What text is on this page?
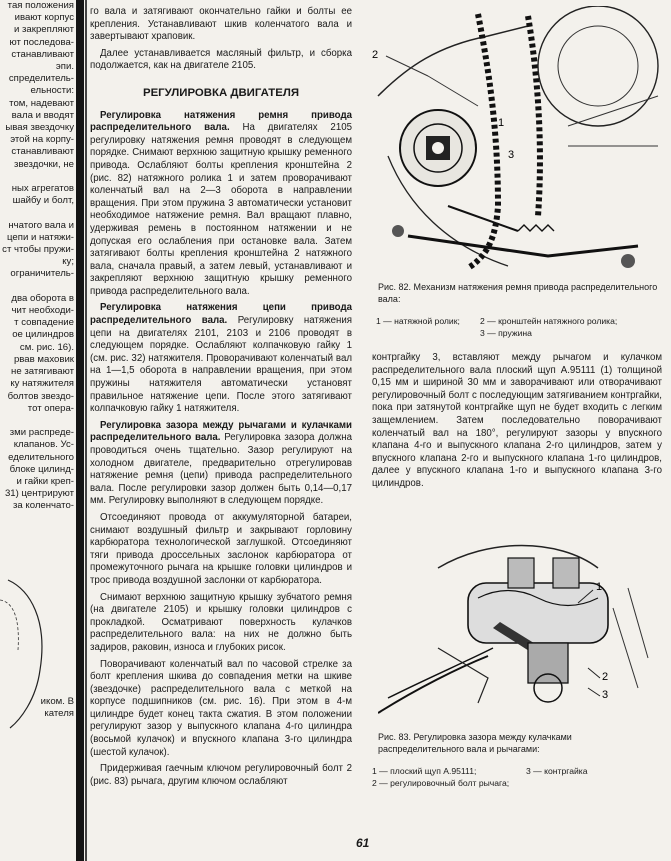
тая положения
ивают корпус
и закрепляют
ют последова-
станавливают
эпи.
спределитель-
ельности:
том, надевают
вала и вводят
ывая звездочку
этой на корпу-
станавливают
звездочки, не

ных агрегатов
шайбу и болт,

нчатого вала и
цепи и натяжи-
ст чтобы пружи-
ку;
ограничитель-

два оборота в
чит необходи-
т совпадение
ое цилиндров
см. рис. 16).
рвав маховик
не затягивают
ку натяжителя
болтов звездо-
тот опера-

зми распреде-
клапанов. Ус-
еделительного
блоке цилинд-
и гайки креп-
31) центрируют
за коленчато-

иком. В
кателя

го вала и затягивают окончательно гайки и болты ее крепления. Устанавливают шкив коленчатого вала и завертывают храповик.

Далее устанавливается масляный фильтр, и сборка подолжается, как на двигателе 2105.

РЕГУЛИРОВКА ДВИГАТЕЛЯ

Регулировка натяжения ремня привода распределительного вала. На двигателях 2105 регулировку натяжения ремня проводят в следующем порядке. Снимают верхнюю защитную крышку ременного привода. Ослабляют болты крепления кронштейна 2 (рис. 82) натяжного ролика 1 и затем проворачивают коленчатый вал на 2—3 оборота в направлении вращения. При этом пружина 3 автоматически установит необходимое натяжение ремня. Вал вращают плавно, удерживая ремень в постоянном натяжении и не допуская его ослабления при остановке вала. Затем затягивают болты крепления кронштейна 2 натяжного вала, сначала правый, а затем левый, устанавливают и закрепляют верхнюю защитную крышку ременного привода распределительного вала.

Регулировка натяжения цепи привода распределительного вала. Регулировку натяжения цепи на двигателях 2101, 2103 и 2106 проводят в следующем порядке. Ослабляют колпачковую гайку 1 (см. рис. 32) натяжителя. Проворачивают коленчатый вал на 1—1,5 оборота в направлении вращения, при этом пружины натяжителя автоматически установят правильное натяжение цепи. После этого затягивают колпачковую гайку 1 натяжителя.

Регулировка зазора между рычагами и кулачками распределительного вала. Регулировка зазора должна проводиться очень тщательно. Зазор регулируют на холодном двигателе, предварительно отрегулировав натяжение ремня (цепи) привода распределительного вала. После регулировки зазор должен быть 0,14—0,17 мм. Регулировку выполняют в следующем порядке.

Отсоединяют провода от аккумуляторной батареи, снимают воздушный фильтр и закрывают горловину карбюратора технологической заглушкой. Отсоединяют тяги привода дроссельных заслонок карбюратора от промежуточного рычага на крышке головки цилиндров и трос привода воздушной заслонки от карбюратора.

Снимают верхнюю защитную крышку зубчатого ремня (на двигателе 2105) и крышку головки цилиндров с прокладкой. Осматривают поверхность кулачков распределительного вала: на них не должно быть задиров, раковин, износа и глубоких рисок.

Поворачивают коленчатый вал по часовой стрелке за болт крепления шкива до совпадения метки на шкиве (звездочке) распределительного вала с меткой на корпусе подшипников (см. рис. 16). При этом в 4-м цилиндре будет конец такта сжатия. В этом положении регулируют зазор у выпускного клапана 4-го цилиндра (восьмой кулачок) и впускного клапана 3-го цилиндра (шестой кулачок).

Придерживая гаечным ключом регулировочный болт 2 (рис. 83) рычага, другим ключом ослабляют

2
1
3
Рис. 82. Механизм натяжения ремня привода распределительного вала:
1 — натяжной ролик; 2 — кронштейн натяжного ролика;
3 — пружина

контргайку 3, вставляют между рычагом и кулачком распределительного вала плоский щуп А.95111 (1) толщиной 0,15 мм и шириной 30 мм и заворачивают или отворачивают регулировочный болт с последующим затягиванием контргайки, пока при затянутой контргайке щуп не будет входить с легким защемлением. Затем последовательно поворачивают коленчатый вал на 180°, регулируют зазоры у впускного клапана 4-го и выпускного клапана 2-го цилиндров, затем у впускного клапана 2-го и выпускного клапана 1-го цилиндров, далее у впускного клапана 1-го и выпускного клапана 3-го цилиндров.

1
2
3
Рис. 83. Регулировка зазора между кулачками распределительного вала и рычагами:
1 — плоский щуп А.95111;	3 — контргайка
2 — регулировочный болт рычага;
61
